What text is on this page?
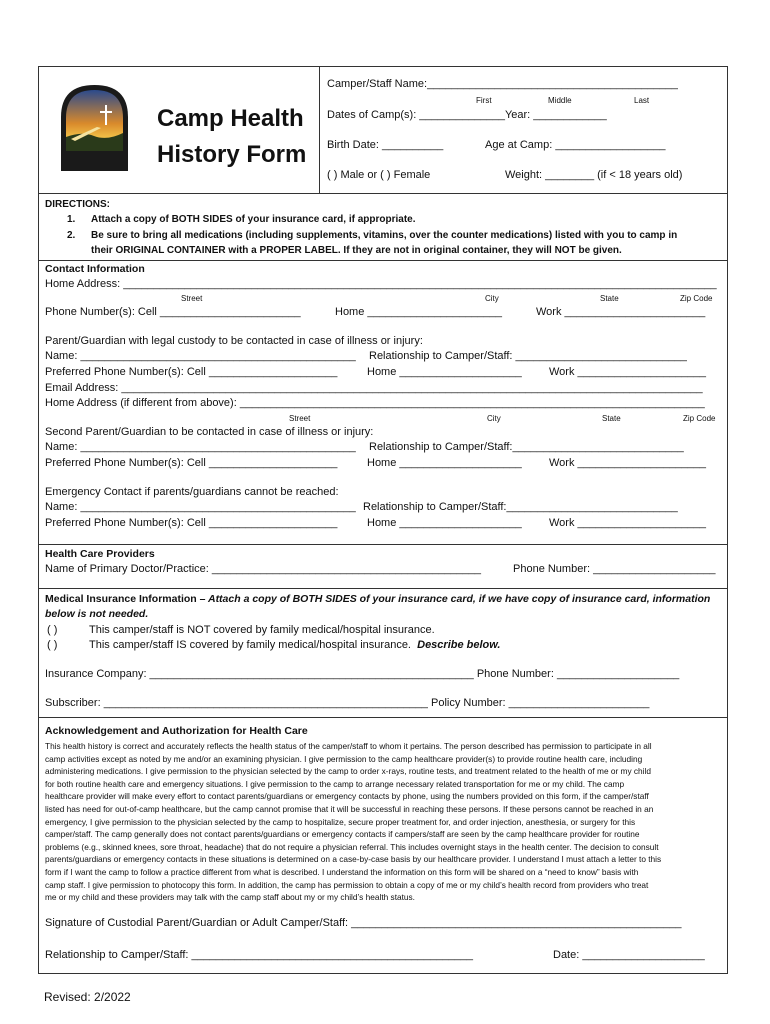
Camp Health
History Form
Camper/Staff Name:_________________________________________
First	Middle	Last
Dates of Camp(s): ______________Year: ____________
Birth Date: __________	Age at Camp: __________________
( ) Male or ( ) Female	Weight: ________ (if < 18 years old)
DIRECTIONS:
1. Attach a copy of BOTH SIDES of your insurance card, if appropriate.
2. Be sure to bring all medications (including supplements, vitamins, over the counter medications) listed with you to camp in
their ORIGINAL CONTAINER with a PROPER LABEL. If they are not in original container, they will NOT be given.
Contact Information
Home Address: _________________________________________________________________________________________________
Street	City	State	Zip Code
Phone Number(s): Cell _______________________	Home ______________________	Work _______________________
Parent/Guardian with legal custody to be contacted in case of illness or injury:
Name: _____________________________________________ Relationship to Camper/Staff: ____________________________
Preferred Phone Number(s): Cell _____________________	Home ____________________ Work _____________________
Email Address: _______________________________________________________________________________________________
Home Address (if different from above): ____________________________________________________________________________
Street	City	State	Zip Code
Second Parent/Guardian to be contacted in case of illness or injury:
Name: _____________________________________________ Relationship to Camper/Staff:____________________________
Preferred Phone Number(s): Cell _____________________	Home ____________________ Work _____________________
Emergency Contact if parents/guardians cannot be reached:
Name: _____________________________________________ Relationship to Camper/Staff:____________________________
Preferred Phone Number(s): Cell _____________________	Home ____________________ Work _____________________
Health Care Providers
Name of Primary Doctor/Practice: ____________________________________________	Phone Number: ____________________
Medical Insurance Information – Attach a copy of BOTH SIDES of your insurance card, if we have copy of insurance card, information
below is not needed.
( )	This camper/staff is NOT covered by family medical/hospital insurance.
( )	This camper/staff IS covered by family medical/hospital insurance. Describe below.
Insurance Company: _____________________________________________________ Phone Number: ____________________
Subscriber: _____________________________________________________ Policy Number: _______________________
Acknowledgement and Authorization for Health Care
This health history is correct and accurately reflects the health status of the camper/staff to whom it pertains. The person described has permission to participate in all
camp activities except as noted by me and/or an examining physician. I give permission to the camp healthcare provider(s) to provide routine health care, including
administering medications. I give permission to the physician selected by the camp to order x-rays, routine tests, and treatment related to the health of me or my child
for both routine health care and emergency situations. I give permission to the camp to arrange necessary related transportation for me or my child. The camp
healthcare provider will make every effort to contact parents/guardians or emergency contacts by phone, using the numbers provided on this form, if the camper/staff
listed has need for out-of-camp healthcare, but the camp cannot promise that it will be successful in reaching these persons. If these persons cannot be reached in an
emergency, I give permission to the physician selected by the camp to hospitalize, secure proper treatment for, and order injection, anesthesia, or surgery for this
camper/staff. The camp generally does not contact parents/guardians or emergency contacts if campers/staff are seen by the camp healthcare provider for routine
problems (e.g., skinned knees, sore throat, headache) that do not require a physician referral. This includes overnight stays in the health center. The decision to consult
parents/guardians or emergency contacts in these situations is determined on a case-by-case basis by our healthcare provider. I understand I must attach a letter to this
form if I want the camp to follow a practice different from what is described. I understand the information on this form will be shared on a “need to know” basis with
camp staff. I give permission to photocopy this form. In addition, the camp has permission to obtain a copy of me or my child’s health record from providers who treat
me or my child and these providers may talk with the camp staff about my or my child’s health status.
Signature of Custodial Parent/Guardian or Adult Camper/Staff: ______________________________________________________
Relationship to Camper/Staff: ______________________________________________	Date: ____________________
Revised: 2/2022
